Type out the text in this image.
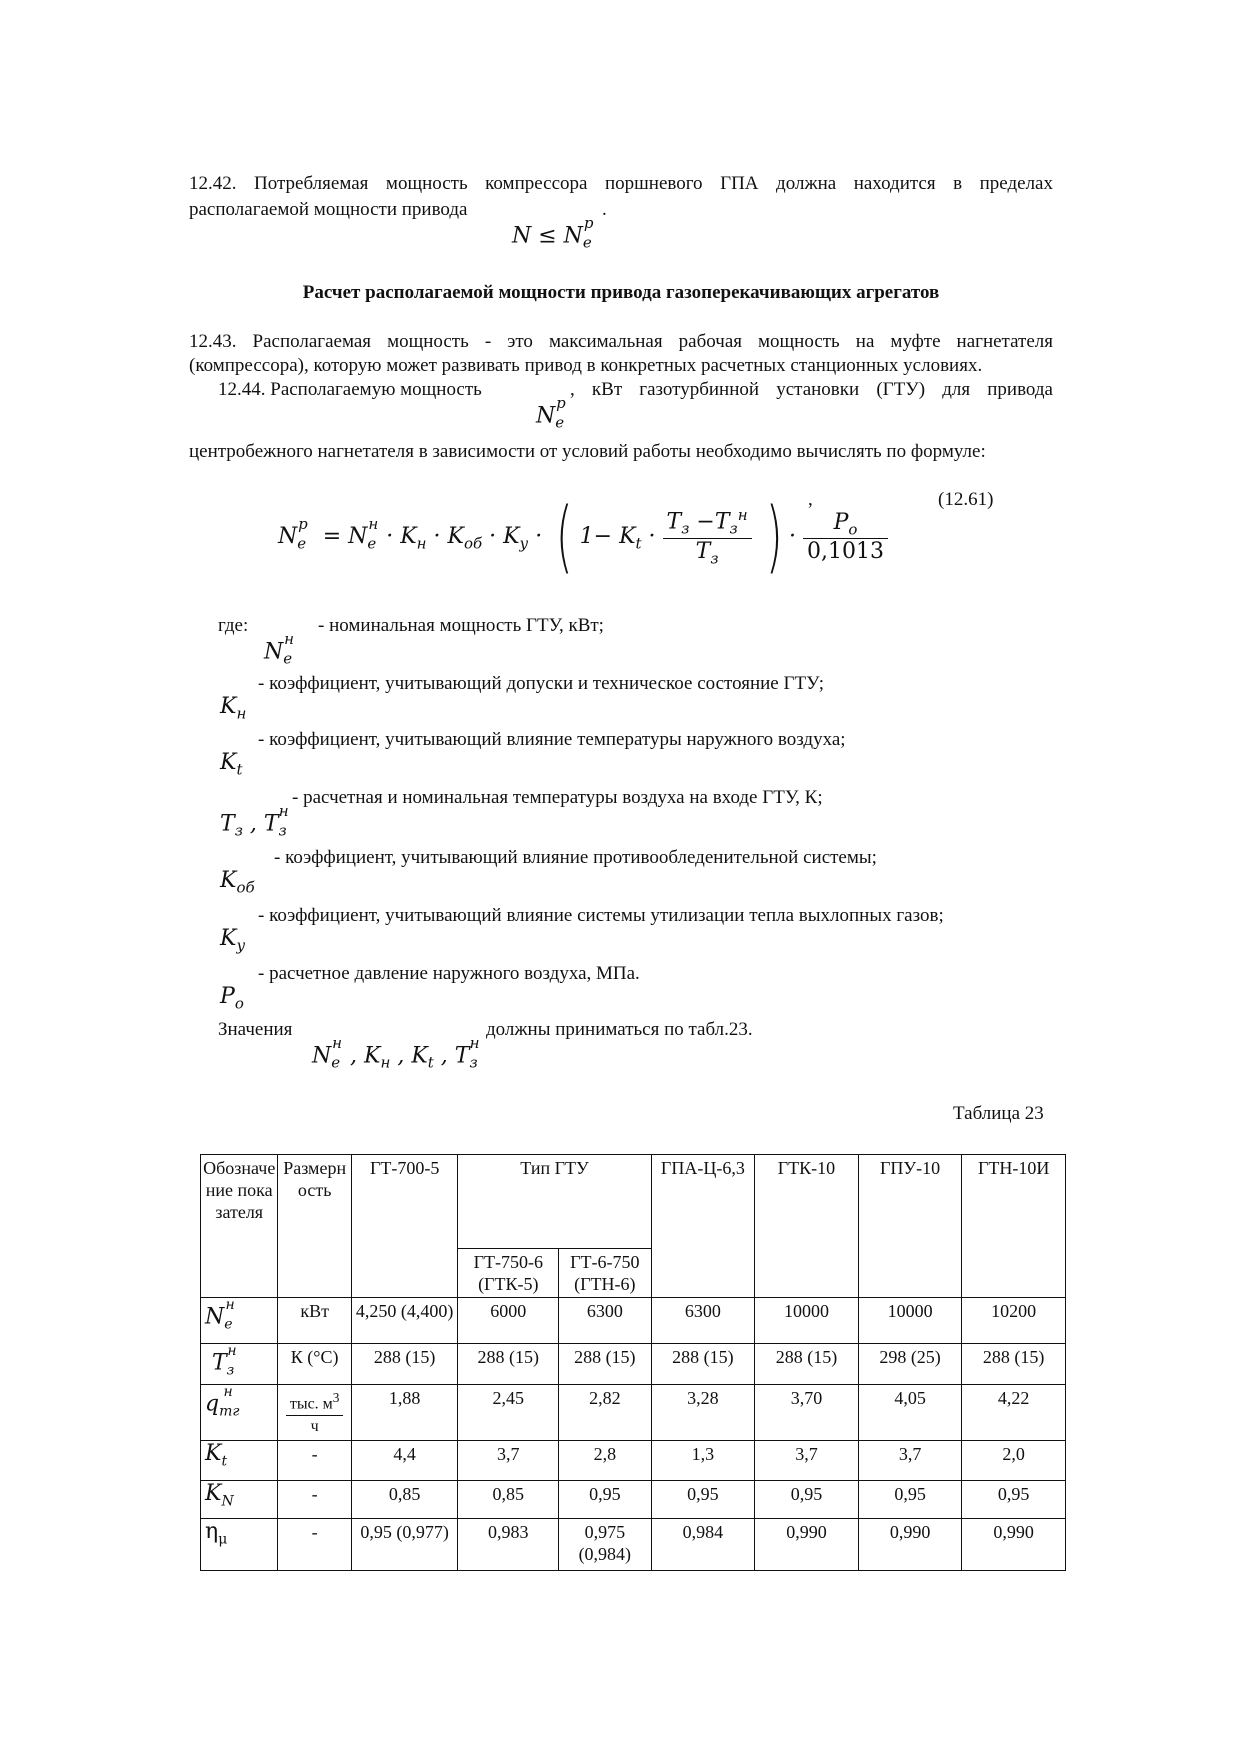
12.42. Потребляемая мощность компрессора поршневого ГПА должна находится в пределах
располагаемой мощности привода	.
$N \le N_e^p$
Расчет располагаемой мощности привода газоперекачивающих агрегатов
12.43. Располагаемая мощность - это максимальная рабочая мощность на муфте нагнетателя
(компрессора), которую может развивать привод в конкретных расчетных станционных условиях.
12.44. Располагаемую мощность	, кВт газотурбинной установки (ГТУ) для привода
$N_e^p$
центробежного нагнетателя в зависимости от условий работы необходимо вычислять по формуле:
,	(12.61)
$N_e^p = N_e^н\cdot K_н \cdot K_{об} \cdot K_у$ · ( $1- K_t \cdot \frac{T_з -T_з^н}{T_з}$ ) · $\frac{P_o}{0,1013}$
где:	- номинальная мощность ГТУ, кВт;
$N_e^н$
- коэффициент, учитывающий допуски и техническое состояние ГТУ;
$K_н$
- коэффициент, учитывающий влияние температуры наружного воздуха;
$K_t$
- расчетная и номинальная температуры воздуха на входе ГТУ, К;
$T_з$ , $T_з^н$
- коэффициент, учитывающий влияние противообледенительной системы;
$K_{об}$
- коэффициент, учитывающий влияние системы утилизации тепла выхлопных газов;
$K_у$
- расчетное давление наружного воздуха, МПа.
$P_o$
Значения	должны приниматься по табл.23.
$N_e^н$, $K_н$ , $K_t$ , $T_з^н$
Таблица 23
Обозначение показателя	Размерность	ГТ-700-5	Тип ГТУ		ГПА-Ц-6,3	ГТК-10	ГПУ-10	ГТН-10И
			ГТ-750-6 (ГТК-5)	ГТ-6-750 (ГТН-6)				
$N_e^н$	кВт	4,250 (4,400)	6000	6300	6300	10000	10000	10200
$T_з^н$	К (°С)	288 (15)	288 (15)	288 (15)	288 (15)	288 (15)	298 (25)	288 (15)
$q_{тг}^н$	$\frac{тыс. м^3}{ч}$	1,88	2,45	2,82	3,28	3,70	4,05	4,22
$K_t$	-	4,4	3,7	2,8	1,3	3,7	3,7	2,0
$K_N$	-	0,85	0,85	0,95	0,95	0,95	0,95	0,95
$\eta_\mu$	-	0,95 (0,977)	0,983	0,975 (0,984)	0,984	0,990	0,990	0,990
